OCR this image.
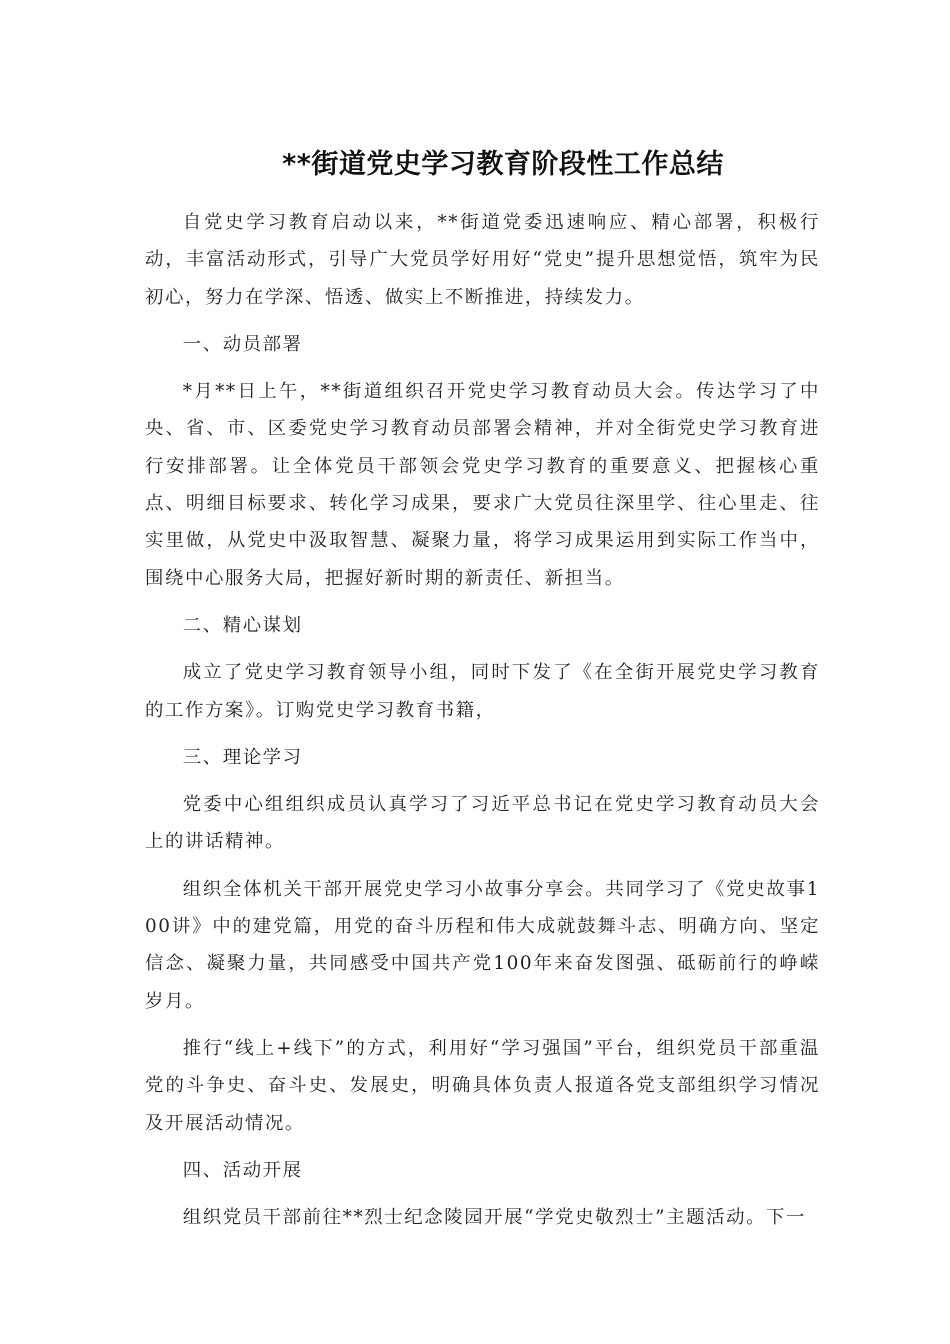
**街道党史学习教育阶段性工作总结

自党史学习教育启动以来，**街道党委迅速响应、精心部署，积极行动，丰富活动形式，引导广大党员学好用好“党史”提升思想觉悟，筑牢为民初心，努力在学深、悟透、做实上不断推进，持续发力。

一、动员部署

*月**日上午，**街道组织召开党史学习教育动员大会。传达学习了中央、省、市、区委党史学习教育动员部署会精神，并对全街党史学习教育进行安排部署。让全体党员干部领会党史学习教育的重要意义、把握核心重点、明细目标要求、转化学习成果，要求广大党员往深里学、往心里走、往实里做，从党史中汲取智慧、凝聚力量，将学习成果运用到实际工作当中，围绕中心服务大局，把握好新时期的新责任、新担当。

二、精心谋划

成立了党史学习教育领导小组，同时下发了《在全街开展党史学习教育的工作方案》。订购党史学习教育书籍，

三、理论学习

党委中心组组织成员认真学习了习近平总书记在党史学习教育动员大会上的讲话精神。

组织全体机关干部开展党史学习小故事分享会。共同学习了《党史故事100讲》中的建党篇，用党的奋斗历程和伟大成就鼓舞斗志、明确方向、坚定信念、凝聚力量，共同感受中国共产党100年来奋发图强、砥砺前行的峥嵘岁月。

推行“线上+线下”的方式，利用好“学习强国”平台，组织党员干部重温党的斗争史、奋斗史、发展史，明确具体负责人报道各党支部组织学习情况及开展活动情况。

四、活动开展

组织党员干部前往**烈士纪念陵园开展“学党史敬烈士”主题活动。下一
